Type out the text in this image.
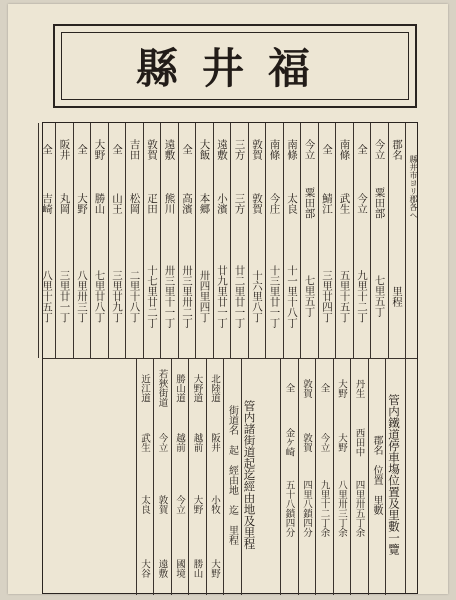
福井縣
縣井市ヨリ郡各ヘ
郡名
里程
今立
粟田部
七里五丁
全
今立
九里十二丁
南條
武生
五里十五丁
全
鯖江
三里廿四丁
今立
粟田部
七里五丁
南條
太良
十一里十八丁
南條
今庄
十三里廿一丁
敦賀
敦賀
十六里八丁
三方
三方
廿二里廿一丁
遠敷
小濱
廿九里廿一丁
大飯
本郷
卅四里四丁
全
高濱
卅三里卅二丁
遠敷
熊川
卅三里十一丁
敦賀
疋田
十七里廿二丁
吉田
松岡
二里十八丁
全
山王
三里廿九丁
大野
勝山
七里廿八丁
全
大野
八里卅三丁
阪井
丸岡
三里廿一丁
全
吉崎
八里十五丁
管内鐵道停車塲位置及里數一覽
郡名　位置　里數
丹生
西田中
四里卅五丁余
大野
大野
八里卅三丁余
全
今立
九里十二丁余
敦賀
敦賀
四里八鎖四分
全
金ケ崎
五十八鎖四分
管内諸街道起迄經由地及里程
街道名　起　經由地　迄　里程
北陸道
阪井
小牧
大野
大野道
越前
大野
勝山
勝山道
越前
今立
國境
若狹街道
今立
敦賀
遠敷
近江道
武生
太良
大谷
